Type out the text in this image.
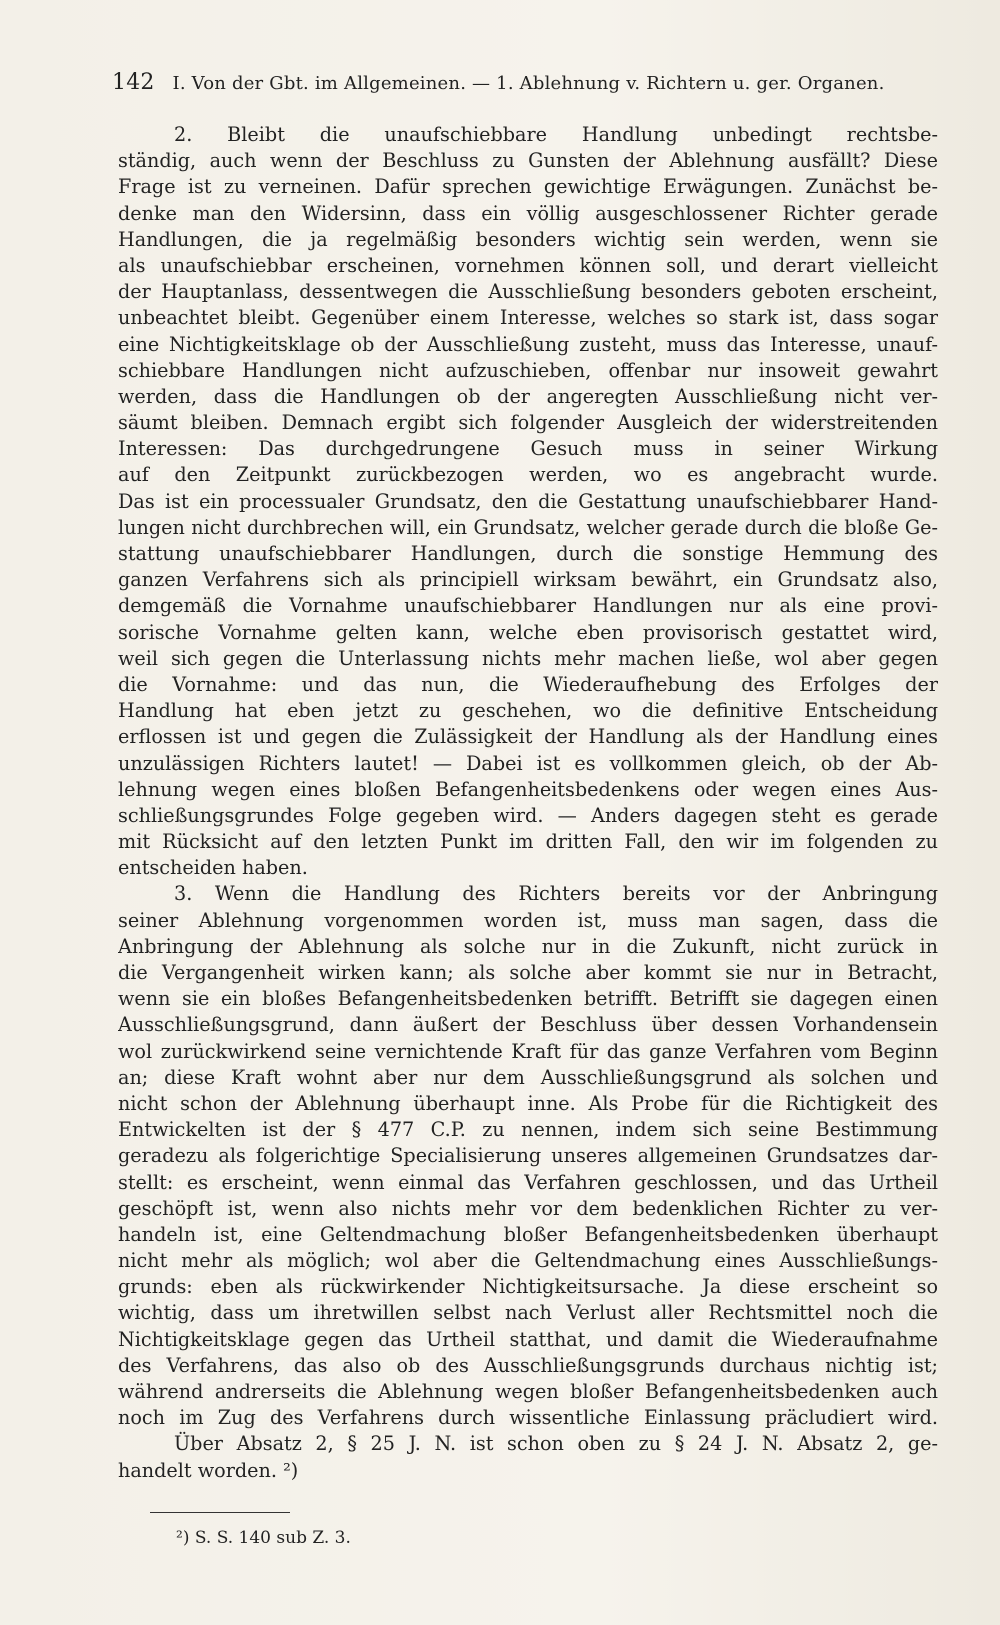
142 I. Von der Gbt. im Allgemeinen. — 1. Ablehnung v. Richtern u. ger. Organen.
2. Bleibt die unaufschiebbare Handlung unbedingt rechtsbe-
ständig, auch wenn der Beschluss zu Gunsten der Ablehnung ausfällt? Diese
Frage ist zu verneinen. Dafür sprechen gewichtige Erwägungen. Zunächst be-
denke man den Widersinn, dass ein völlig ausgeschlossener Richter gerade
Handlungen, die ja regelmäßig besonders wichtig sein werden, wenn sie
als unaufschiebbar erscheinen, vornehmen können soll, und derart vielleicht
der Hauptanlass, dessentwegen die Ausschließung besonders geboten erscheint,
unbeachtet bleibt. Gegenüber einem Interesse, welches so stark ist, dass sogar
eine Nichtigkeitsklage ob der Ausschließung zusteht, muss das Interesse, unauf-
schiebbare Handlungen nicht aufzuschieben, offenbar nur insoweit gewahrt
werden, dass die Handlungen ob der angeregten Ausschließung nicht ver-
säumt bleiben. Demnach ergibt sich folgender Ausgleich der widerstreitenden
Interessen: Das durchgedrungene Gesuch muss in seiner Wirkung
auf den Zeitpunkt zurückbezogen werden, wo es angebracht wurde.
Das ist ein processualer Grundsatz, den die Gestattung unaufschiebbarer Hand-
lungen nicht durchbrechen will, ein Grundsatz, welcher gerade durch die bloße Ge-
stattung unaufschiebbarer Handlungen, durch die sonstige Hemmung des
ganzen Verfahrens sich als principiell wirksam bewährt, ein Grundsatz also,
demgemäß die Vornahme unaufschiebbarer Handlungen nur als eine provi-
sorische Vornahme gelten kann, welche eben provisorisch gestattet wird,
weil sich gegen die Unterlassung nichts mehr machen ließe, wol aber gegen
die Vornahme: und das nun, die Wiederaufhebung des Erfolges der
Handlung hat eben jetzt zu geschehen, wo die definitive Entscheidung
erflossen ist und gegen die Zulässigkeit der Handlung als der Handlung eines
unzulässigen Richters lautet! — Dabei ist es vollkommen gleich, ob der Ab-
lehnung wegen eines bloßen Befangenheitsbedenkens oder wegen eines Aus-
schließungsgrundes Folge gegeben wird. — Anders dagegen steht es gerade
mit Rücksicht auf den letzten Punkt im dritten Fall, den wir im folgenden zu
entscheiden haben.
3. Wenn die Handlung des Richters bereits vor der Anbringung
seiner Ablehnung vorgenommen worden ist, muss man sagen, dass die
Anbringung der Ablehnung als solche nur in die Zukunft, nicht zurück in
die Vergangenheit wirken kann; als solche aber kommt sie nur in Betracht,
wenn sie ein bloßes Befangenheitsbedenken betrifft. Betrifft sie dagegen einen
Ausschließungsgrund, dann äußert der Beschluss über dessen Vorhandensein
wol zurückwirkend seine vernichtende Kraft für das ganze Verfahren vom Beginn
an; diese Kraft wohnt aber nur dem Ausschließungsgrund als solchen und
nicht schon der Ablehnung überhaupt inne. Als Probe für die Richtigkeit des
Entwickelten ist der § 477 C.P. zu nennen, indem sich seine Bestimmung
geradezu als folgerichtige Specialisierung unseres allgemeinen Grundsatzes dar-
stellt: es erscheint, wenn einmal das Verfahren geschlossen, und das Urtheil
geschöpft ist, wenn also nichts mehr vor dem bedenklichen Richter zu ver-
handeln ist, eine Geltendmachung bloßer Befangenheitsbedenken überhaupt
nicht mehr als möglich; wol aber die Geltendmachung eines Ausschließungs-
grunds: eben als rückwirkender Nichtigkeitsursache. Ja diese erscheint so
wichtig, dass um ihretwillen selbst nach Verlust aller Rechtsmittel noch die
Nichtigkeitsklage gegen das Urtheil statthat, und damit die Wiederaufnahme
des Verfahrens, das also ob des Ausschließungsgrunds durchaus nichtig ist;
während andrerseits die Ablehnung wegen bloßer Befangenheitsbedenken auch
noch im Zug des Verfahrens durch wissentliche Einlassung präcludiert wird.
Über Absatz 2, § 25 J. N. ist schon oben zu § 24 J. N. Absatz 2, ge-
handelt worden. ²)
²) S. S. 140 sub Z. 3.
